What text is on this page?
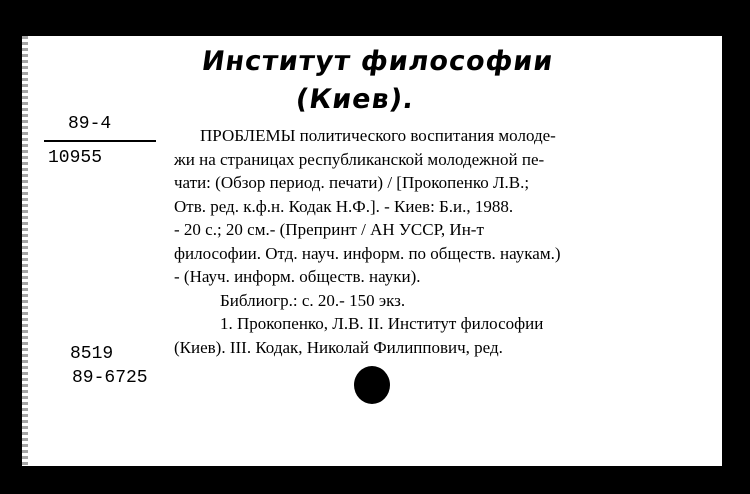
Институт философии
(Киев).
89-4
10955
8519
89-6725
ПРОБЛЕМЫ политического воспитания молоде-
жи на страницах республиканской молодежной пе-
чати: (Обзор период. печати) / [Прокопенко Л.В.;
Отв. ред. к.ф.н. Кодак Н.Ф.]. - Киев: Б.и., 1988.
- 20 с.; 20 см.- (Препринт / АН УССР, Ин-т
философии. Отд. науч. информ. по обществ. наукам.)
- (Науч. информ. обществ. науки).
Библиогр.: с. 20.- 150 экз.
1. Прокопенко, Л.В. II. Институт философии
(Киев). III. Кодак, Николай Филиппович, ред.
